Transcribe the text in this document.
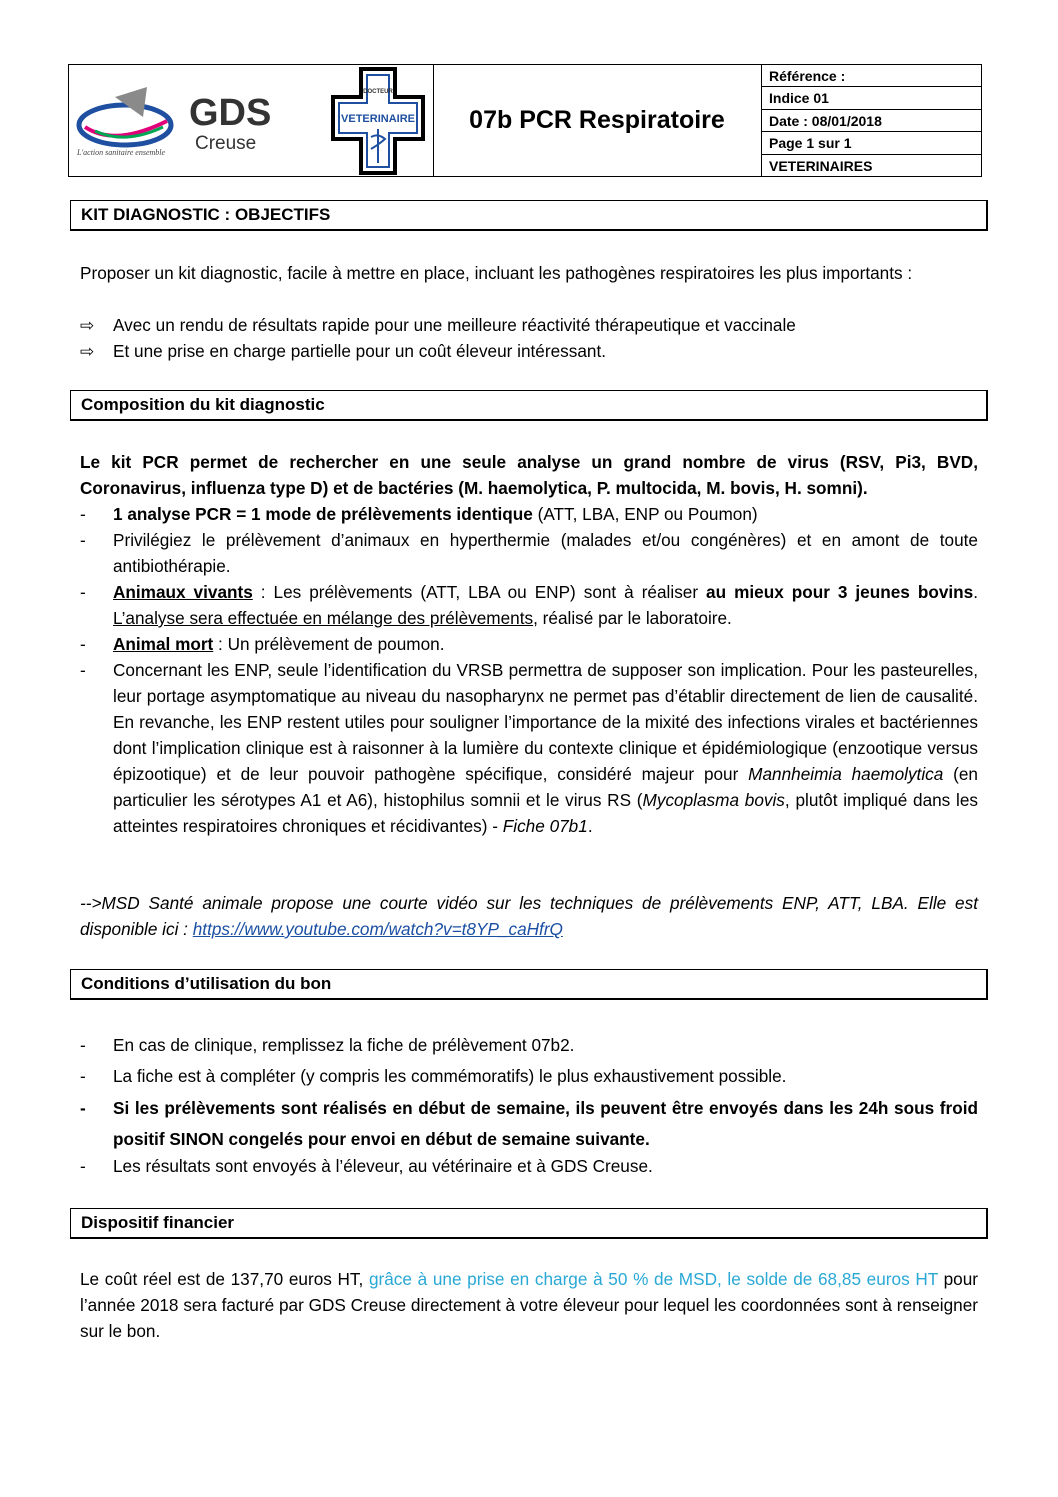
GDS
Creuse
L'action sanitaire ensemble
DOCTEUR
VETERINAIRE 07b PCR Respiratoire
Référence :
Indice 01
Date : 08/01/2018
Page 1 sur 1
VETERINAIRES
KIT DIAGNOSTIC : OBJECTIFS
Proposer un kit diagnostic, facile à mettre en place, incluant les pathogènes respiratoires les plus importants :
⇨ Avec un rendu de résultats rapide pour une meilleure réactivité thérapeutique et vaccinale
⇨ Et une prise en charge partielle pour un coût éleveur intéressant.
Composition du kit diagnostic
Le kit PCR permet de rechercher en une seule analyse un grand nombre de virus (RSV, Pi3, BVD, Coronavirus, influenza type D) et de bactéries (M. haemolytica, P. multocida, M. bovis, H. somni).
- 1 analyse PCR = 1 mode de prélèvements identique (ATT, LBA, ENP ou Poumon)
- Privilégiez le prélèvement d’animaux en hyperthermie (malades et/ou congénères) et en amont de toute antibiothérapie.
- Animaux vivants : Les prélèvements (ATT, LBA ou ENP) sont à réaliser au mieux pour 3 jeunes bovins. L’analyse sera effectuée en mélange des prélèvements, réalisé par le laboratoire.
- Animal mort : Un prélèvement de poumon.
- Concernant les ENP, seule l’identification du VRSB permettra de supposer son implication. Pour les pasteurelles, leur portage asymptomatique au niveau du nasopharynx ne permet pas d’établir directement de lien de causalité. En revanche, les ENP restent utiles pour souligner l’importance de la mixité des infections virales et bactériennes dont l’implication clinique est à raisonner à la lumière du contexte clinique et épidémiologique (enzootique versus épizootique) et de leur pouvoir pathogène spécifique, considéré majeur pour Mannheimia haemolytica (en particulier les sérotypes A1 et A6), histophilus somnii et le virus RS (Mycoplasma bovis, plutôt impliqué dans les atteintes respiratoires chroniques et récidivantes) - Fiche 07b1.
-->MSD Santé animale propose une courte vidéo sur les techniques de prélèvements ENP, ATT, LBA. Elle est disponible ici : https://www.youtube.com/watch?v=t8YP_caHfrQ
Conditions d’utilisation du bon
- En cas de clinique, remplissez la fiche de prélèvement 07b2.
- La fiche est à compléter (y compris les commémoratifs) le plus exhaustivement possible.
- Si les prélèvements sont réalisés en début de semaine, ils peuvent être envoyés dans les 24h sous froid positif SINON congelés pour envoi en début de semaine suivante.
- Les résultats sont envoyés à l’éleveur, au vétérinaire et à GDS Creuse.
Dispositif financier
Le coût réel est de 137,70 euros HT, grâce à une prise en charge à 50 % de MSD, le solde de 68,85 euros HT pour l’année 2018 sera facturé par GDS Creuse directement à votre éleveur pour lequel les coordonnées sont à renseigner sur le bon.
